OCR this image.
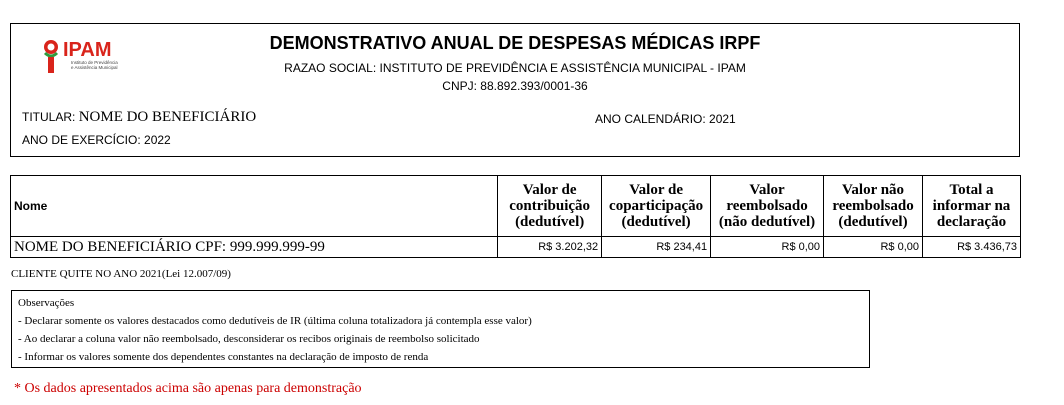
IPAM
Instituto de Previdência
e Assistência Municipal
DEMONSTRATIVO ANUAL DE DESPESAS MÉDICAS IRPF
RAZAO SOCIAL: INSTITUTO DE PREVIDÊNCIA E ASSISTÊNCIA MUNICIPAL - IPAM
CNPJ: 88.892.393/0001-36
TITULAR: NOME DO BENEFICIÁRIO
ANO DE EXERCÍCIO: 2022
ANO CALENDÁRIO: 2021
Nome	Valor de contribuição (dedutível)	Valor de coparticipação (dedutível)	Valor reembolsado (não dedutível)	Valor não reembolsado (dedutível)	Total a informar na declaração
NOME DO BENEFICIÁRIO CPF: 999.999.999-99	R$ 3.202,32	R$ 234,41	R$ 0,00	R$ 0,00	R$ 3.436,73
CLIENTE QUITE NO ANO 2021(Lei 12.007/09)
Observações
- Declarar somente os valores destacados como dedutíveis de IR (última coluna totalizadora já contempla esse valor)
- Ao declarar a coluna valor não reembolsado, desconsiderar os recibos originais de reembolso solicitado
- Informar os valores somente dos dependentes constantes na declaração de imposto de renda
* Os dados apresentados acima são apenas para demonstração
